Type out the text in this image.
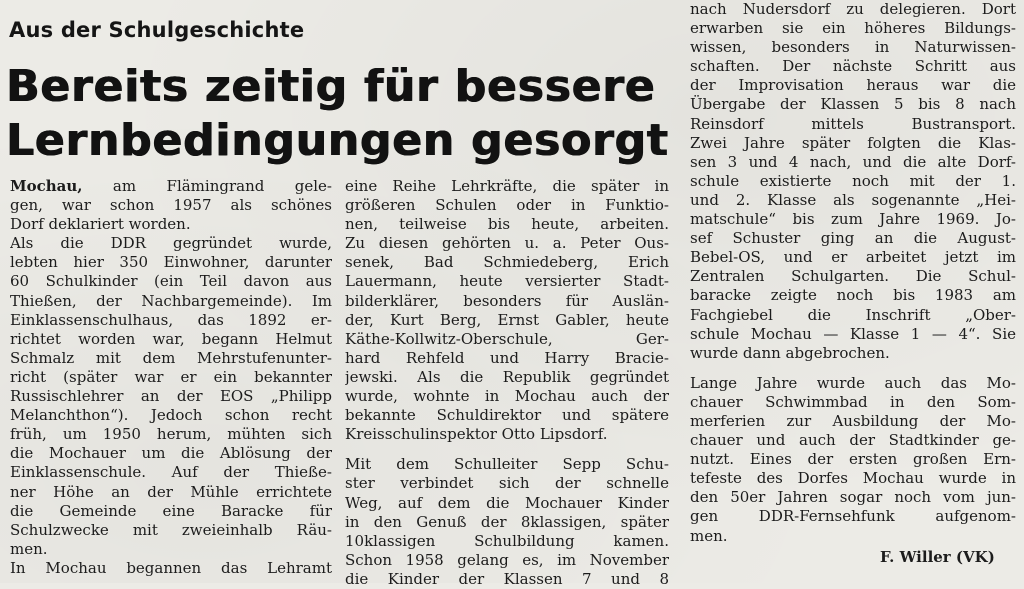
Aus der Schulgeschichte
Bereits zeitig für bessere
Lernbedingungen gesorgt
Mochau, am Flämingrand gele-
gen, war schon 1957 als schönes
Dorf deklariert worden.
Als die DDR gegründet wurde,
lebten hier 350 Einwohner, darunter
60 Schulkinder (ein Teil davon aus
Thießen, der Nachbargemeinde). Im
Einklassenschulhaus, das 1892 er-
richtet worden war, begann Helmut
Schmalz mit dem Mehrstufenunter-
richt (später war er ein bekannter
Russischlehrer an der EOS „Philipp
Melanchthon“). Jedoch schon recht
früh, um 1950 herum, mühten sich
die Mochauer um die Ablösung der
Einklassenschule. Auf der Thieße-
ner Höhe an der Mühle errichtete
die Gemeinde eine Baracke für
Schulzwecke mit zweieinhalb Räu-
men.
In Mochau begannen das Lehramt
eine Reihe Lehrkräfte, die später in
größeren Schulen oder in Funktio-
nen, teilweise bis heute, arbeiten.
Zu diesen gehörten u. a. Peter Ous-
senek, Bad Schmiedeberg, Erich
Lauermann, heute versierter Stadt-
bilderklärer, besonders für Auslän-
der, Kurt Berg, Ernst Gabler, heute
Käthe-Kollwitz-Oberschule, Ger-
hard Rehfeld und Harry Bracie-
jewski. Als die Republik gegründet
wurde, wohnte in Mochau auch der
bekannte Schuldirektor und spätere
Kreisschulinspektor Otto Lipsdorf.
Mit dem Schulleiter Sepp Schu-
ster verbindet sich der schnelle
Weg, auf dem die Mochauer Kinder
in den Genuß der 8klassigen, später
10klassigen Schulbildung kamen.
Schon 1958 gelang es, im November
die Kinder der Klassen 7 und 8
nach Nudersdorf zu delegieren. Dort
erwarben sie ein höheres Bildungs-
wissen, besonders in Naturwissen-
schaften. Der nächste Schritt aus
der Improvisation heraus war die
Übergabe der Klassen 5 bis 8 nach
Reinsdorf mittels Bustransport.
Zwei Jahre später folgten die Klas-
sen 3 und 4 nach, und die alte Dorf-
schule existierte noch mit der 1.
und 2. Klasse als sogenannte „Hei-
matschule“ bis zum Jahre 1969. Jo-
sef Schuster ging an die August-
Bebel-OS, und er arbeitet jetzt im
Zentralen Schulgarten. Die Schul-
baracke zeigte noch bis 1983 am
Fachgiebel die Inschrift „Ober-
schule Mochau — Klasse 1 — 4“. Sie
wurde dann abgebrochen.
Lange Jahre wurde auch das Mo-
chauer Schwimmbad in den Som-
merferien zur Ausbildung der Mo-
chauer und auch der Stadtkinder ge-
nutzt. Eines der ersten großen Ern-
tefeste des Dorfes Mochau wurde in
den 50er Jahren sogar noch vom jun-
gen DDR-Fernsehfunk aufgenom-
men.
F. Willer (VK)
